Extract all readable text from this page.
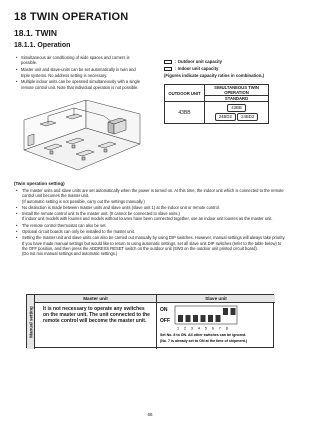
18 TWIN OPERATION
18.1. TWIN
18.1.1. Operation
• Simultaneous air conditioning of wide spaces and corners is possible.
• Master unit and slave-units can be set automatically in twin and triple systems. No address setting is necessary.
• Multiple indoor units can be operated simultaneously with a single remote control unit. Note that individual operation is not possible.
: Outdoor unit capacity
: Indoor unit capacity
(Figures indicate capacity ratios in combination.)
OUTDOOR UNIT	SIMULTANEOUS TWIN OPERATION
	STANDARD
43BB	43BB
24BD2 24BD2
(Twin operation setting)
• The master units and slave units are set automatically when the power is turned on. At this time, the indoor unit which is connected to the remote control unit becomes the master unit.
(If automatic setting is not possible, carry out the settings manually.)
• No distinction is made between master units and slave units (slave unit 1) at the indoor unit or remote control.
• Install the remote control unit to the master unit. (It cannot be connected to slave units.)
If indoor unit models with louvres and models without louvres have been connected together, use an indoor unit louvres as the master unit.
• The remote control thermostat can also be set.
• Optional circuit boards can only be installed to the master unit.
• Setting the master unit and slave units can also be carried out manually by using DIP switches. However, manual settings will always take priority. If you have made manual settings but would like to return to using automatic settings, set all slave unit DIP switches (refer to the table below) to the OFF position, and then press the ADDRESS RESET switch on the outdoor unit (SW3 on the outdoor unit printed circuit board).
(Do not mix manual settings and automatic settings.)
Manual setting
Master unit
It is not necessary to operate any switches on the master unit. The unit connected to the remote control will become the master unit.
Slave unit
ON
OFF
1 2 3 4 5 6 7 8
Set No. 8 to ON. All other switches can be ignored.
(No. 7 is already set to ON at the time of shipment.)
66
